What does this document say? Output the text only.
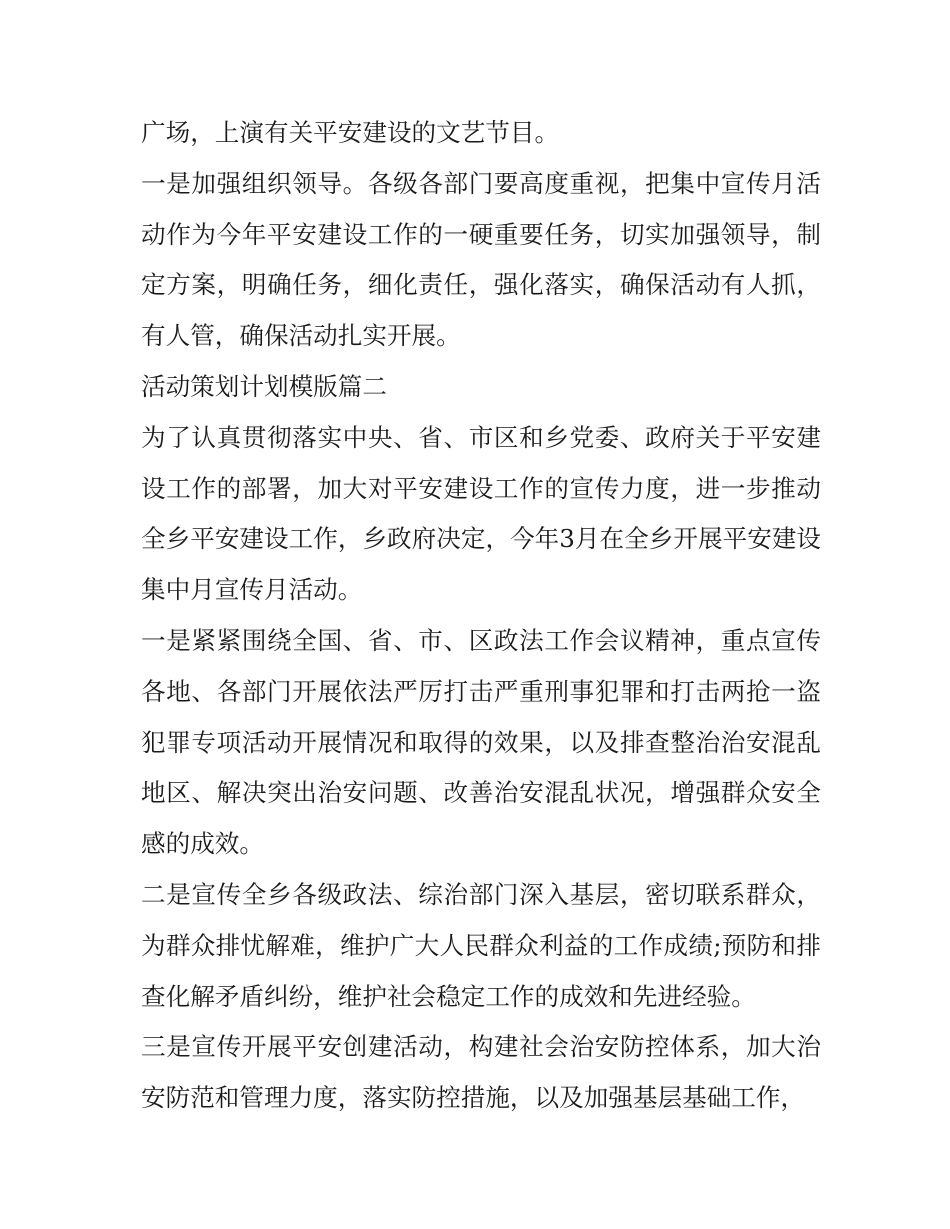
广场，上演有关平安建设的文艺节目。

一是加强组织领导。各级各部门要高度重视，把集中宣传月活动作为今年平安建设工作的一硬重要任务，切实加强领导，制定方案，明确任务，细化责任，强化落实，确保活动有人抓，有人管，确保活动扎实开展。

活动策划计划模版篇二

为了认真贯彻落实中央、省、市区和乡党委、政府关于平安建设工作的部署，加大对平安建设工作的宣传力度，进一步推动全乡平安建设工作，乡政府决定，今年3月在全乡开展平安建设集中月宣传月活动。

一是紧紧围绕全国、省、市、区政法工作会议精神，重点宣传各地、各部门开展依法严厉打击严重刑事犯罪和打击两抢一盗犯罪专项活动开展情况和取得的效果，以及排查整治治安混乱地区、解决突出治安问题、改善治安混乱状况，增强群众安全感的成效。

二是宣传全乡各级政法、综治部门深入基层，密切联系群众，为群众排忧解难，维护广大人民群众利益的工作成绩;预防和排查化解矛盾纠纷，维护社会稳定工作的成效和先进经验。

三是宣传开展平安创建活动，构建社会治安防控体系，加大治安防范和管理力度，落实防控措施，以及加强基层基础工作，
